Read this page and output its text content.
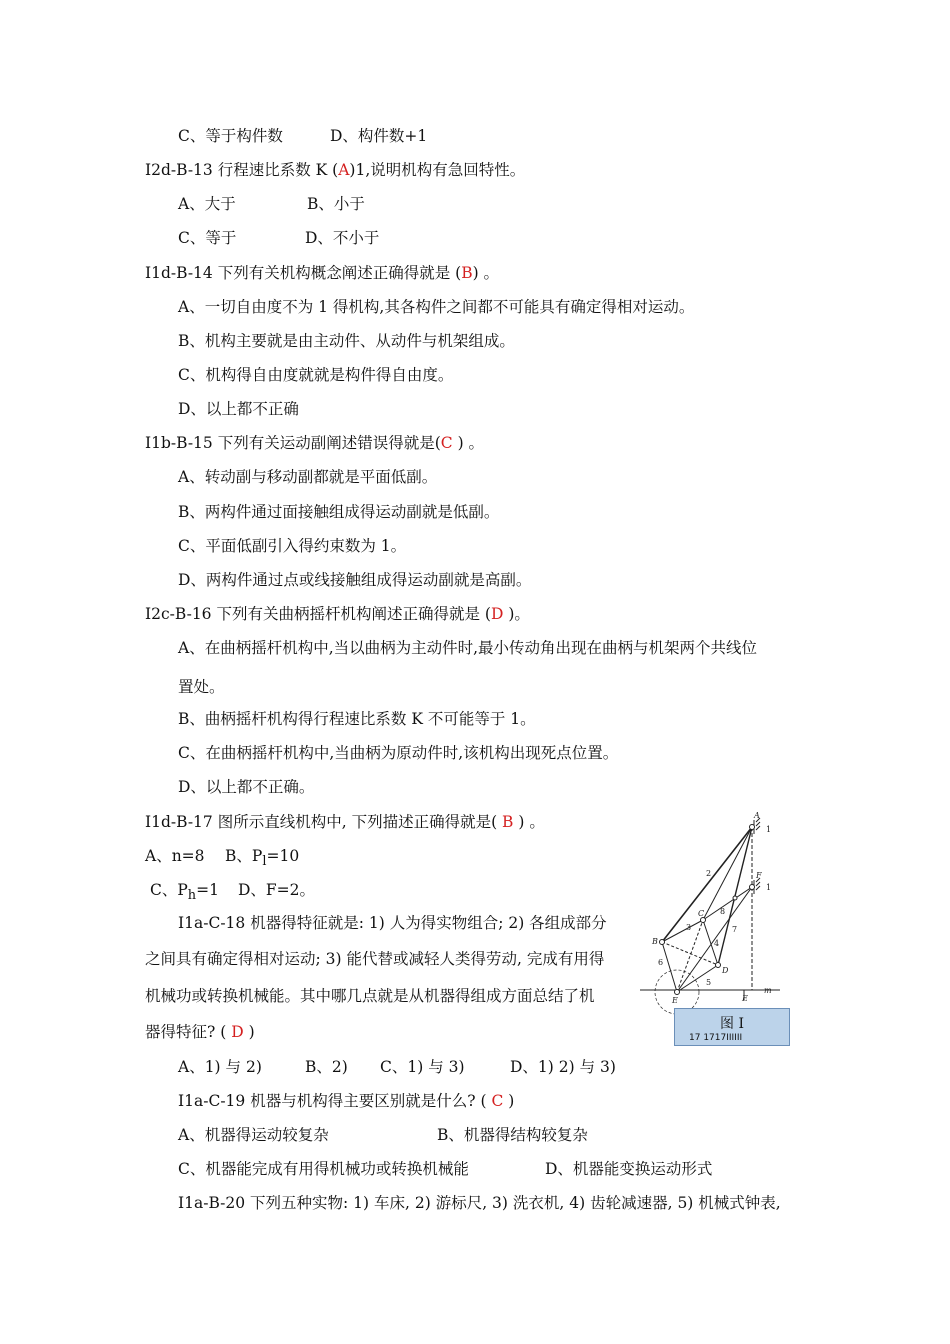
C、等于构件数	D、构件数+1
I2d-B-13 行程速比系数 K (A)1,说明机构有急回特性。
A、大于	B、小于
C、等于	D、不小于
I1d-B-14 下列有关机构概念阐述正确得就是 (B) 。
A、一切自由度不为 1 得机构,其各构件之间都不可能具有确定得相对运动。
B、机构主要就是由主动件、从动件与机架组成。
C、机构得自由度就就是构件得自由度。
D、以上都不正确
I1b-B-15 下列有关运动副阐述错误得就是(C ) 。
A、转动副与移动副都就是平面低副。
B、两构件通过面接触组成得运动副就是低副。
C、平面低副引入得约束数为 1。
D、两构件通过点或线接触组成得运动副就是高副。
I2c-B-16 下列有关曲柄摇杆机构阐述正确得就是 (D )。
A、在曲柄摇杆机构中,当以曲柄为主动件时,最小传动角出现在曲柄与机架两个共线位
置处。
B、曲柄摇杆机构得行程速比系数 K 不可能等于 1。
C、在曲柄摇杆机构中,当曲柄为原动件时,该机构出现死点位置。
D、以上都不正确。
I1d-B-17 图所示直线机构中, 下列描述正确得就是( B ) 。
A、n=8 B、$P_l=10$
C、$P_h=1$ D、F=2。
I1a-C-18 机器得特征就是: 1) 人为得实物组合; 2) 各组成部分
之间具有确定得相对运动; 3) 能代替或减轻人类得劳动, 完成有用得
机械功或转换机械能。其中哪几点就是从机器得组成方面总结了机
器得特征? ( D )
A、1) 与 2)	B、2) C、1) 与 3)	D、1) 2) 与 3)
I1a-C-19 机器与机构得主要区别就是什么? ( C )
A、机器得运动较复杂	B、机器得结构较复杂
C、机器能完成有用得机械功或转换机械能	D、机器能变换运动形式
I1a-B-20 下列五种实物: 1) 车床, 2) 游标尺, 3) 洗衣机, 4) 齿轮减速器, 5) 机械式钟表,
A
B
C
D
E	E
F
m
1
1
2
3
4
5
6
7
8
图 I
17 1717IIIIII
